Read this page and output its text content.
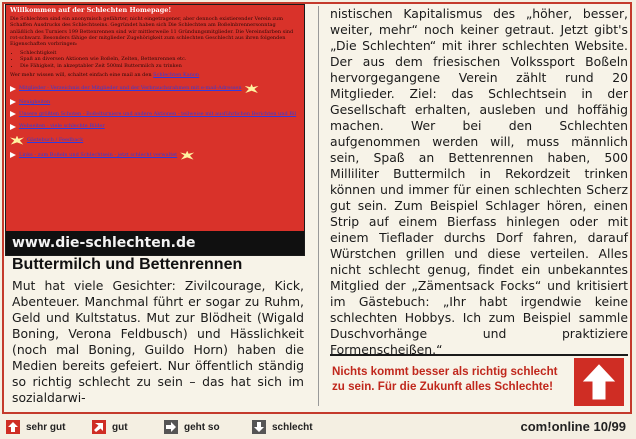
Willkommen auf der Schlechten Homepage!

Die Schlechten sind ein anonymisch gefährter, nicht eingetragener, aber dennoch existierender Verein zum Schaffen Ausdrucks des Schlechtseins. Gegründet haben sich Die Schlechten am Boßelnbrennersonntag anläßlich des Turniers 199 Bettenrennen sind wir mittlerweile 11 Gründungsmitglieder. Die Vereinsfarben sind rot-schwarz. Besonders fähige der mitglieder Zugehörigkeit zum schlechten Geschlecht aus ihren folgenden Eigenschaften vorbringen:

• Schlechtigkeit
• Spaß an diversen Aktionen wie Boßeln, Zelten, Bettenrennen etc.
• Die Fähigkeit, in akzeptabler Zeit 500ml Buttermilch zu trinken

Wer mehr wissen will, schaltet einfach eine mail an den Schlechten Kanon

Mitglieder - Verzeichnis der Mitglieder und der Verbrauchsrahmen mit e-mail-Adressen
Neuigkeiten
Unsere größten Schoten - Boßelturniere und andere Aktionen - teilweise mit ausführlichen Berichten und Bil
Webseiten - viele schlechte Bilder
Gästebuch / Feedback
Links - zum Boßeln und Schlechtsein - jetzt schlecht verwaltet
www.die-schlechten.de
Buttermilch und Bettenrennen
Mut hat viele Gesichter: Zivilcourage, Kick, Abenteuer. Manchmal führt er sogar zu Ruhm, Geld und Kultstatus. Mut zur Blödheit (Wigald Boning, Verona Feldbusch) und Hässlichkeit (noch mal Boning, Guildo Horn) haben die Medien bereits gefeiert. Nur öffentlich ständig so richtig schlecht zu sein – das hat sich im sozialdarwi-
nistischen Kapitalismus des „höher, besser, weiter, mehr“ noch keiner getraut. Jetzt gibt's „Die Schlechten“ mit ihrer schlechten Website. Der aus dem friesischen Volkssport Boßeln hervorgegangene Verein zählt rund 20 Mitglieder. Ziel: das Schlechtsein in der Gesellschaft erhalten, ausleben und hoffähig machen. Wer bei den Schlechten aufgenommen werden will, muss männlich sein, Spaß an Bettenrennen haben, 500 Milliliter Buttermilch in Rekordzeit trinken können und immer für einen schlechten Scherz gut sein. Zum Beispiel Schlager hören, einen Strip auf einem Bierfass hinlegen oder mit einem Tieflader durchs Dorf fahren, darauf Würstchen grillen und diese verteilen. Alles nicht schlecht genug, findet ein unbekanntes Mitglied der „Zämentsack Focks“ und kritisiert im Gästebuch: „Ihr habt irgendwie keine schlechten Hobbys. Ich zum Beispiel sammle Duschvorhänge und praktiziere Formenscheißen.“
Nichts kommt besser als richtig schlecht zu sein. Für die Zukunft alles Schlechte!
sehr gut	gut	geht so	schlecht	com!online 10/99
